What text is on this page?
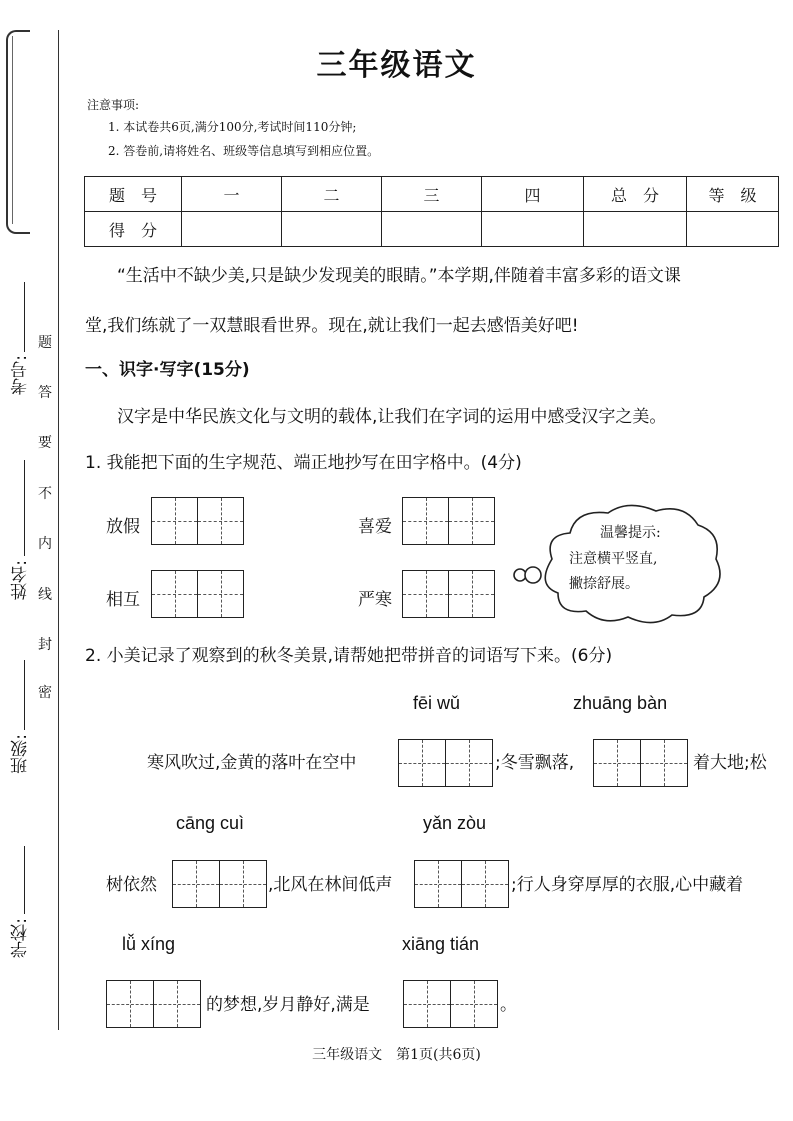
考号:
姓名:
班级:
学校:
密
封
线
内
不
要
答
题
三年级语文
注意事项:
1. 本试卷共6页,满分100分,考试时间110分钟;
2. 答卷前,请将姓名、班级等信息填写到相应位置。
题　号	一	二	三	四	总　分	等　级
得　分						
“生活中不缺少美,只是缺少发现美的眼睛。”本学期,伴随着丰富多彩的语文课
堂,我们练就了一双慧眼看世界。现在,就让我们一起去感悟美好吧!
一、识字·写字(15分)
汉字是中华民族文化与文明的载体,让我们在字词的运用中感受汉字之美。
1. 我能把下面的生字规范、端正地抄写在田字格中。(4分)
放假	喜爱
相互	严寒
温馨提示:
注意横平竖直,
撇捺舒展。
2. 小美记录了观察到的秋冬美景,请帮她把带拼音的词语写下来。(6分)
fēi wǔ	zhuāng bàn
寒风吹过,金黄的落叶在空中	;冬雪飘落,	着大地;松
cāng cuì	yǎn zòu
树依然	,北风在林间低声	;行人身穿厚厚的衣服,心中藏着
lǚ xíng	xiāng tián
的梦想,岁月静好,满是	。
三年级语文　第1页(共6页)
